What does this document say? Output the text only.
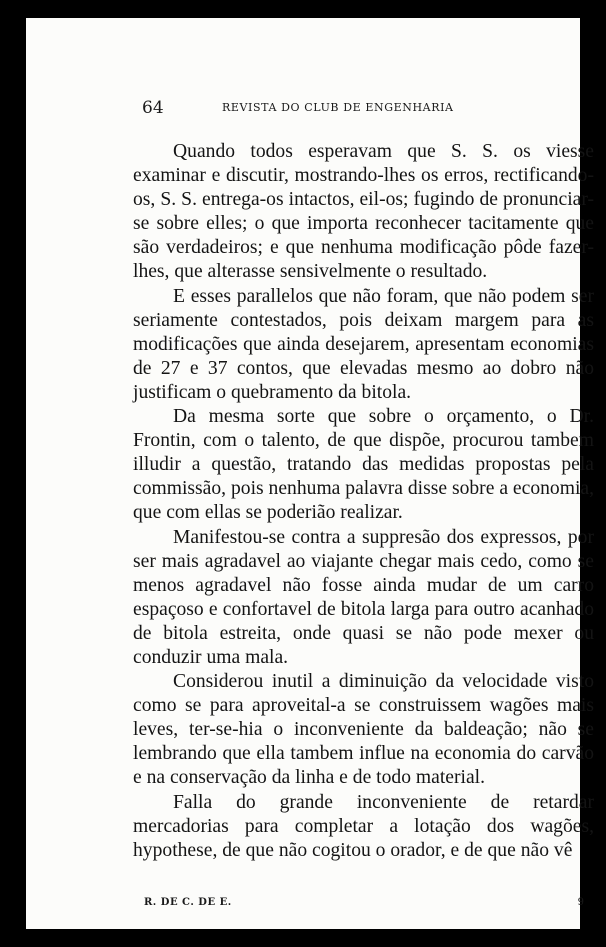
64	REVISTA DO CLUB DE ENGENHARIA

Quando todos esperavam que S. S. os viesse examinar e discutir, mostrando-lhes os erros, rectificando-os, S. S. entrega-os intactos, eil-os; fugindo de pronunciar-se sobre elles; o que importa reconhecer tacitamente que são verdadeiros; e que nenhuma modificação pôde fazer-lhes, que alterasse sensivelmente o resultado.

E esses parallelos que não foram, que não podem ser seriamente contestados, pois deixam margem para as modificações que ainda desejarem, apresentam economias de 27 e 37 contos, que elevadas mesmo ao dobro não justificam o quebramento da bitola.

Da mesma sorte que sobre o orçamento, o Dr. Frontin, com o talento, de que dispõe, procurou tambem illudir a questão, tratando das medidas propostas pela commissão, pois nenhuma palavra disse sobre a economia, que com ellas se poderião realizar.

Manifestou-se contra a suppresão dos expressos, por ser mais agradavel ao viajante chegar mais cedo, como se menos agradavel não fosse ainda mudar de um carro espaçoso e confortavel de bitola larga para outro acanhado de bitola estreita, onde quasi se não pode mexer ou conduzir uma mala.

Considerou inutil a diminuição da velocidade visto como se para aproveital-a se construissem wagões mais leves, ter-se-hia o inconveniente da baldeação; não se lembrando que ella tambem influe na economia do carvão e na conservação da linha e de todo material.

Falla do grande inconveniente de retardar mercadorias para completar a lotação dos wagões, hypothese, de que não cogitou o orador, e de que não vê

R. DE C. DE E.	9
